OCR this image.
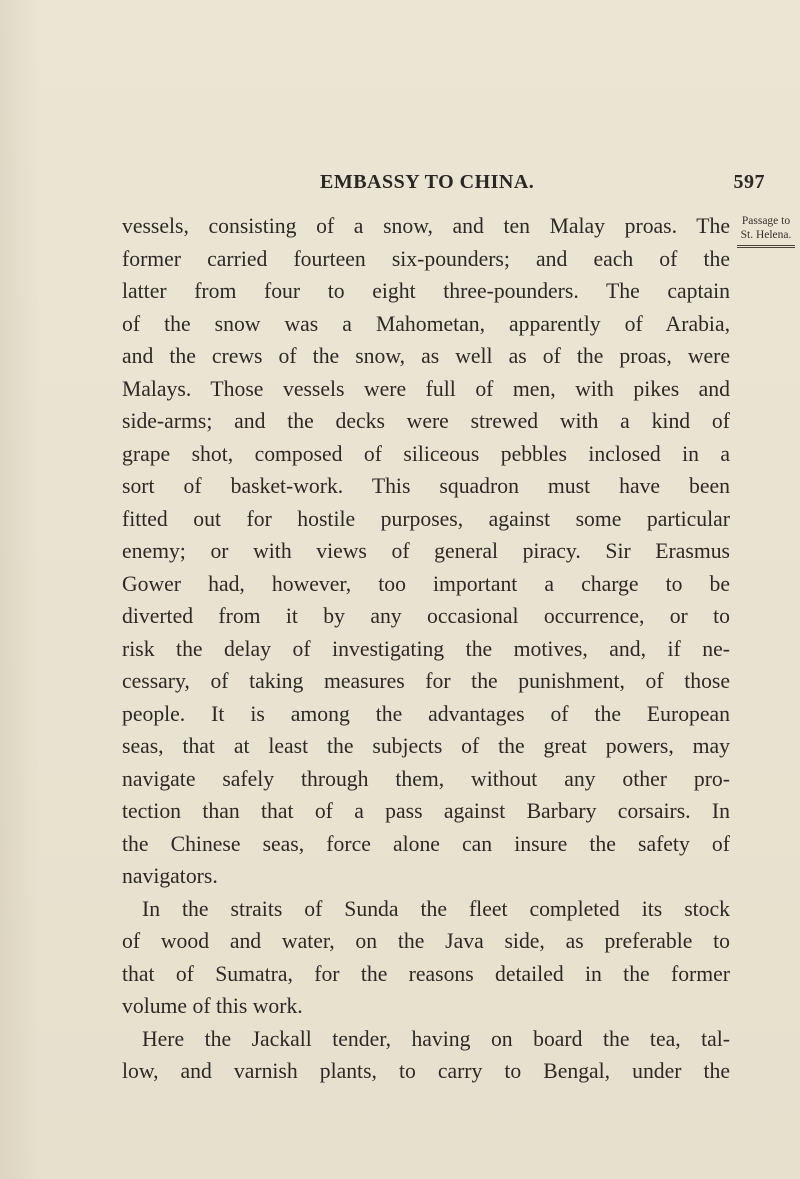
EMBASSY TO CHINA.	597
Passage to
St. Helena.
vessels, consisting of a snow, and ten Malay proas. The
former carried fourteen six-pounders; and each of the
latter from four to eight three-pounders. The captain
of the snow was a Mahometan, apparently of Arabia,
and the crews of the snow, as well as of the proas, were
Malays. Those vessels were full of men, with pikes and
side-arms; and the decks were strewed with a kind of
grape shot, composed of siliceous pebbles inclosed in a
sort of basket-work. This squadron must have been
fitted out for hostile purposes, against some particular
enemy; or with views of general piracy. Sir Erasmus
Gower had, however, too important a charge to be
diverted from it by any occasional occurrence, or to
risk the delay of investigating the motives, and, if ne-
cessary, of taking measures for the punishment, of those
people. It is among the advantages of the European
seas, that at least the subjects of the great powers, may
navigate safely through them, without any other pro-
tection than that of a pass against Barbary corsairs. In
the Chinese seas, force alone can insure the safety of
navigators.
In the straits of Sunda the fleet completed its stock
of wood and water, on the Java side, as preferable to
that of Sumatra, for the reasons detailed in the former
volume of this work.
Here the Jackall tender, having on board the tea, tal-
low, and varnish plants, to carry to Bengal, under the
